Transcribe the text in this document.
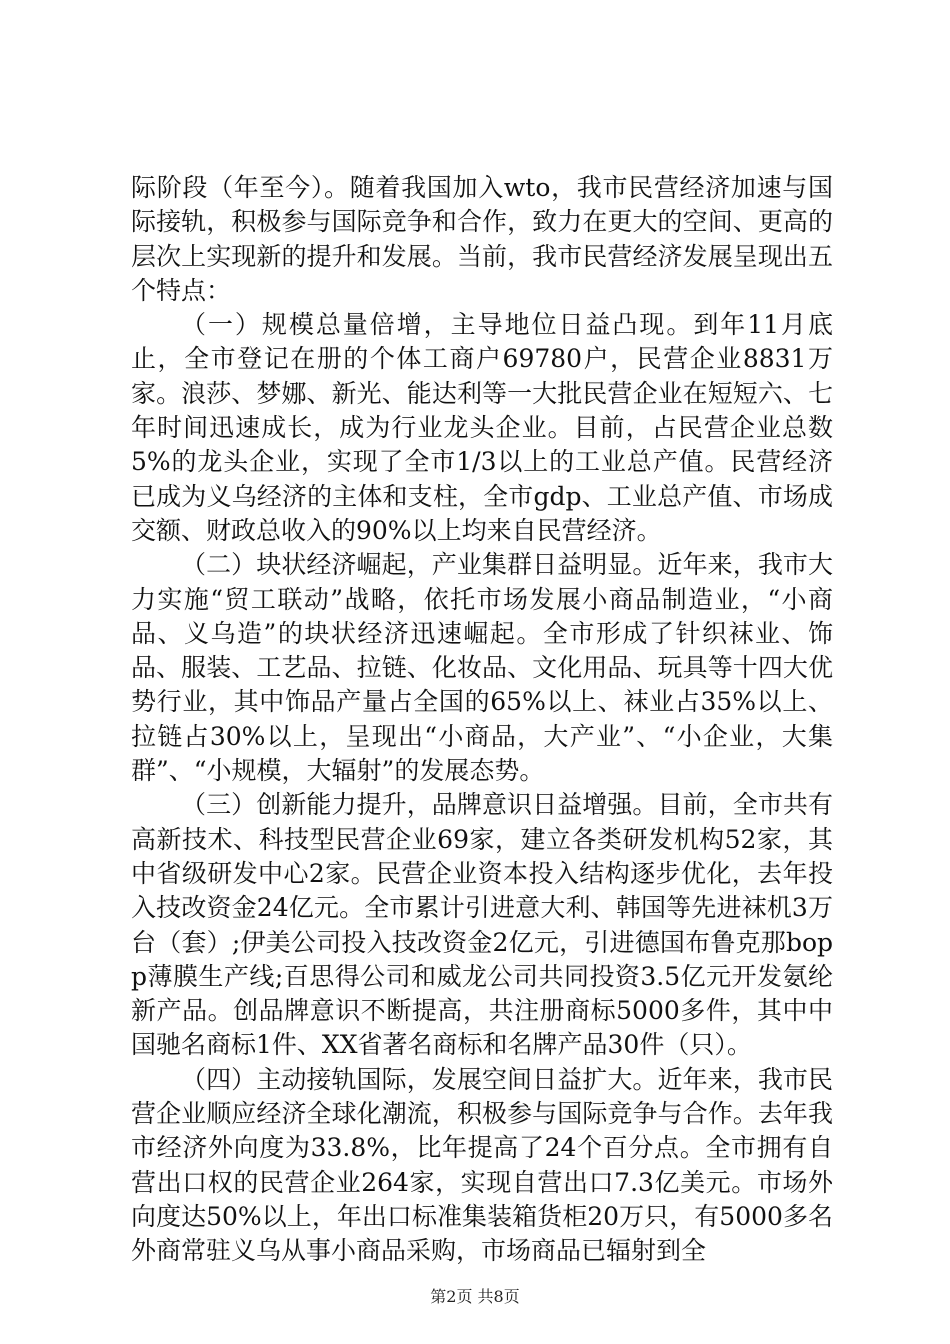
际阶段（年至今）。随着我国加入wto，我市民营经济加速与国际接轨，积极参与国际竞争和合作，致力在更大的空间、更高的层次上实现新的提升和发展。当前，我市民营经济发展呈现出五个特点：

（一）规模总量倍增，主导地位日益凸现。到年11月底止，全市登记在册的个体工商户69780户，民营企业8831万家。浪莎、梦娜、新光、能达利等一大批民营企业在短短六、七年时间迅速成长，成为行业龙头企业。目前，占民营企业总数5%的龙头企业，实现了全市1/3以上的工业总产值。民营经济已成为义乌经济的主体和支柱，全市gdp、工业总产值、市场成交额、财政总收入的90%以上均来自民营经济。

（二）块状经济崛起，产业集群日益明显。近年来，我市大力实施“贸工联动”战略，依托市场发展小商品制造业，“小商品、义乌造”的块状经济迅速崛起。全市形成了针织袜业、饰品、服装、工艺品、拉链、化妆品、文化用品、玩具等十四大优势行业，其中饰品产量占全国的65%以上、袜业占35%以上、拉链占30%以上，呈现出“小商品，大产业”、“小企业，大集群”、“小规模，大辐射”的发展态势。

（三）创新能力提升，品牌意识日益增强。目前，全市共有高新技术、科技型民营企业69家，建立各类研发机构52家，其中省级研发中心2家。民营企业资本投入结构逐步优化，去年投入技改资金24亿元。全市累计引进意大利、韩国等先进袜机3万台（套）;伊美公司投入技改资金2亿元，引进德国布鲁克那bopp薄膜生产线;百思得公司和威龙公司共同投资3.5亿元开发氨纶新产品。创品牌意识不断提高，共注册商标5000多件，其中中国驰名商标1件、XX省著名商标和名牌产品30件（只）。

（四）主动接轨国际，发展空间日益扩大。近年来，我市民营企业顺应经济全球化潮流，积极参与国际竞争与合作。去年我市经济外向度为33.8%，比年提高了24个百分点。全市拥有自营出口权的民营企业264家，实现自营出口7.3亿美元。市场外向度达50%以上，年出口标准集装箱货柜20万只，有5000多名外商常驻义乌从事小商品采购，市场商品已辐射到全

第2页 共8页
